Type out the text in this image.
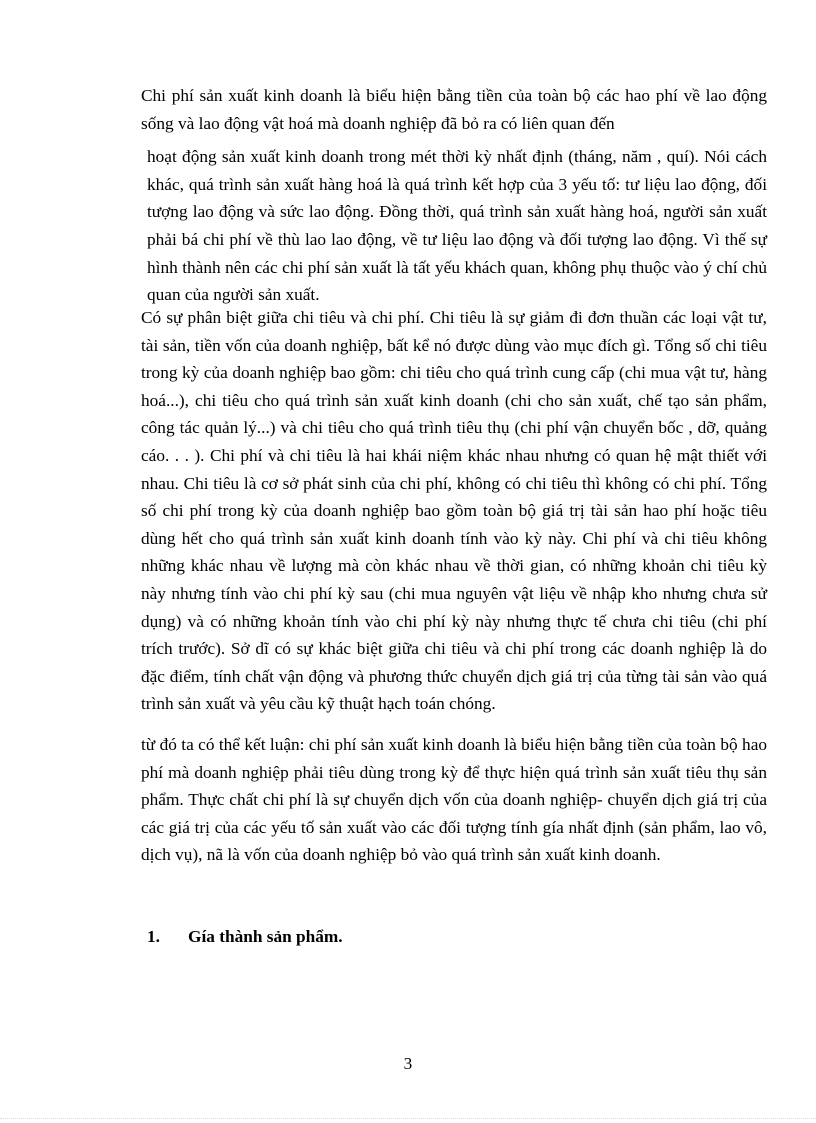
Chi phí sản xuất kinh doanh là biểu hiện bằng tiền của toàn bộ các hao phí về lao động sống và lao động vật hoá mà doanh nghiệp đã bỏ ra có liên quan đến

hoạt động sản xuất kinh doanh trong mét thời kỳ nhất định (tháng, năm , quí). Nói cách khác, quá trình sản xuất hàng hoá là quá trình kết hợp của 3 yếu tố: tư liệu lao động, đối tượng lao động và sức lao động. Đồng thời, quá trình sản xuất hàng hoá, người sản xuất phải bá chi phí về thù lao lao động, về tư liệu lao động và đối tượng lao động. Vì thế sự hình thành nên các chi phí sản xuất là tất yếu khách quan, không phụ thuộc vào ý chí chủ quan của người sản xuất.

Có sự phân biệt giữa chi tiêu và chi phí. Chi tiêu là sự giảm đi đơn thuần các loại vật tư, tài sản, tiền vốn của doanh nghiệp, bất kể nó được dùng vào mục đích gì. Tổng số chi tiêu trong kỳ của doanh nghiệp bao gồm: chi tiêu cho quá trình cung cấp (chi mua vật tư, hàng hoá...), chi tiêu cho quá trình sản xuất kinh doanh (chi cho sản xuất, chế tạo sản phẩm, công tác quản lý...) và chi tiêu cho quá trình tiêu thụ (chi phí vận chuyển bốc , dỡ, quảng cáo. . . ). Chi phí và chi tiêu là hai khái niệm khác nhau nhưng có quan hệ mật thiết với nhau. Chi tiêu là cơ sở phát sinh của chi phí, không có chi tiêu thì không có chi phí. Tổng số chi phí trong kỳ của doanh nghiệp bao gồm toàn bộ giá trị tài sản hao phí hoặc tiêu dùng hết cho quá trình sản xuất kinh doanh tính vào kỳ này. Chi phí và chi tiêu không những khác nhau về lượng mà còn khác nhau về thời gian, có những khoản chi tiêu kỳ này nhưng tính vào chi phí kỳ sau (chi mua nguyên vật liệu về nhập kho nhưng chưa sử dụng) và có những khoản tính vào chi phí kỳ này nhưng thực tế chưa chi tiêu (chi phí trích trước). Sở dĩ có sự khác biệt giữa chi tiêu và chi phí trong các doanh nghiệp là do đặc điểm, tính chất vận động và phương thức chuyển dịch giá trị của từng tài sản vào quá trình sản xuất và yêu cầu kỹ thuật hạch toán chóng.

từ đó ta có thể kết luận: chi phí sản xuất kinh doanh là biểu hiện bằng tiền của toàn bộ hao phí mà doanh nghiệp phải tiêu dùng trong kỳ để thực hiện quá trình sản xuất tiêu thụ sản phẩm. Thực chất chi phí là sự chuyển dịch vốn của doanh nghiệp- chuyển dịch giá trị của các giá trị của các yếu tố sản xuất vào các đối tượng tính gía nhất định (sản phẩm, lao vô, dịch vụ), nã là vốn của doanh nghiệp bỏ vào quá trình sản xuất kinh doanh.

1. Gía thành sản phẩm.
3
